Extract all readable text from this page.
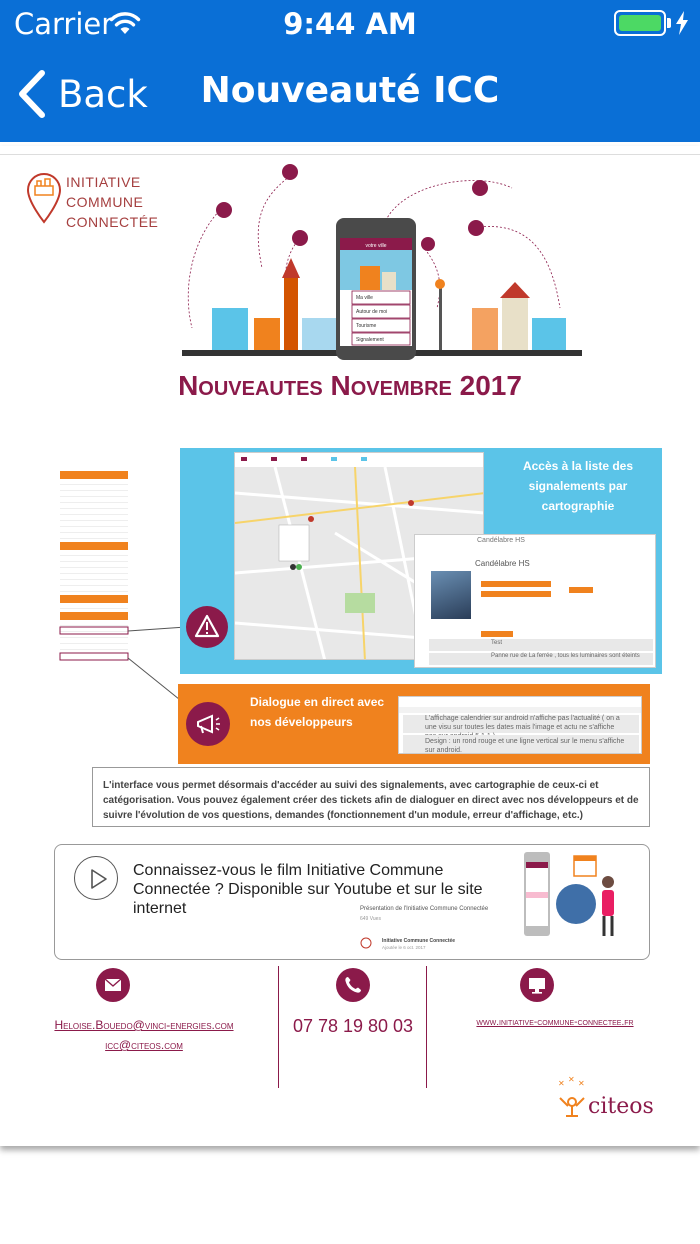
Carrier	9:44 AM
Back	Nouveauté ICC
INITIATIVE
COMMUNE
CONNECTÉE
votre ville
Ma ville
Autour de moi
Tourisme
Signalement
Nouveautes Novembre 2017
Accès à la liste des signalements par cartographie
Candélabre HS
Candélabre HS
Test
Panne rue de La ferrée , tous les luminaires sont éteints
Dialogue en direct avec nos développeurs	L'affichage calendrier sur android n'affiche pas l'actualité ( on a une visu sur toutes les dates mais l'image et actu ne s'affiche
Design : un rond rouge et une ligne vertical sur le menu s'affiche sur android.
L'interface vous permet désormais d'accéder au suivi des signalements, avec cartographie de ceux-ci et catégorisation. Vous pouvez également créer des tickets afin de dialoguer en direct avec nos développeurs et de suivre l'évolution de vos questions, demandes (fonctionnement d'un module, erreur d'affichage, etc.)
Connaissez-vous le film Initiative Commune Connectée ? Disponible sur Youtube et sur le site internet	Présentation de l'Initiative Commune Connectée
649 Vues
Initiative Commune Connectée
Ajoutée le 6 oct. 2017
Heloise.Bouedo@vinci-energies.com
icc@citeos.com
07 78 19 80 03	www.initiative-commune-connectee.fr
✕ ✕ ✕
citeos
